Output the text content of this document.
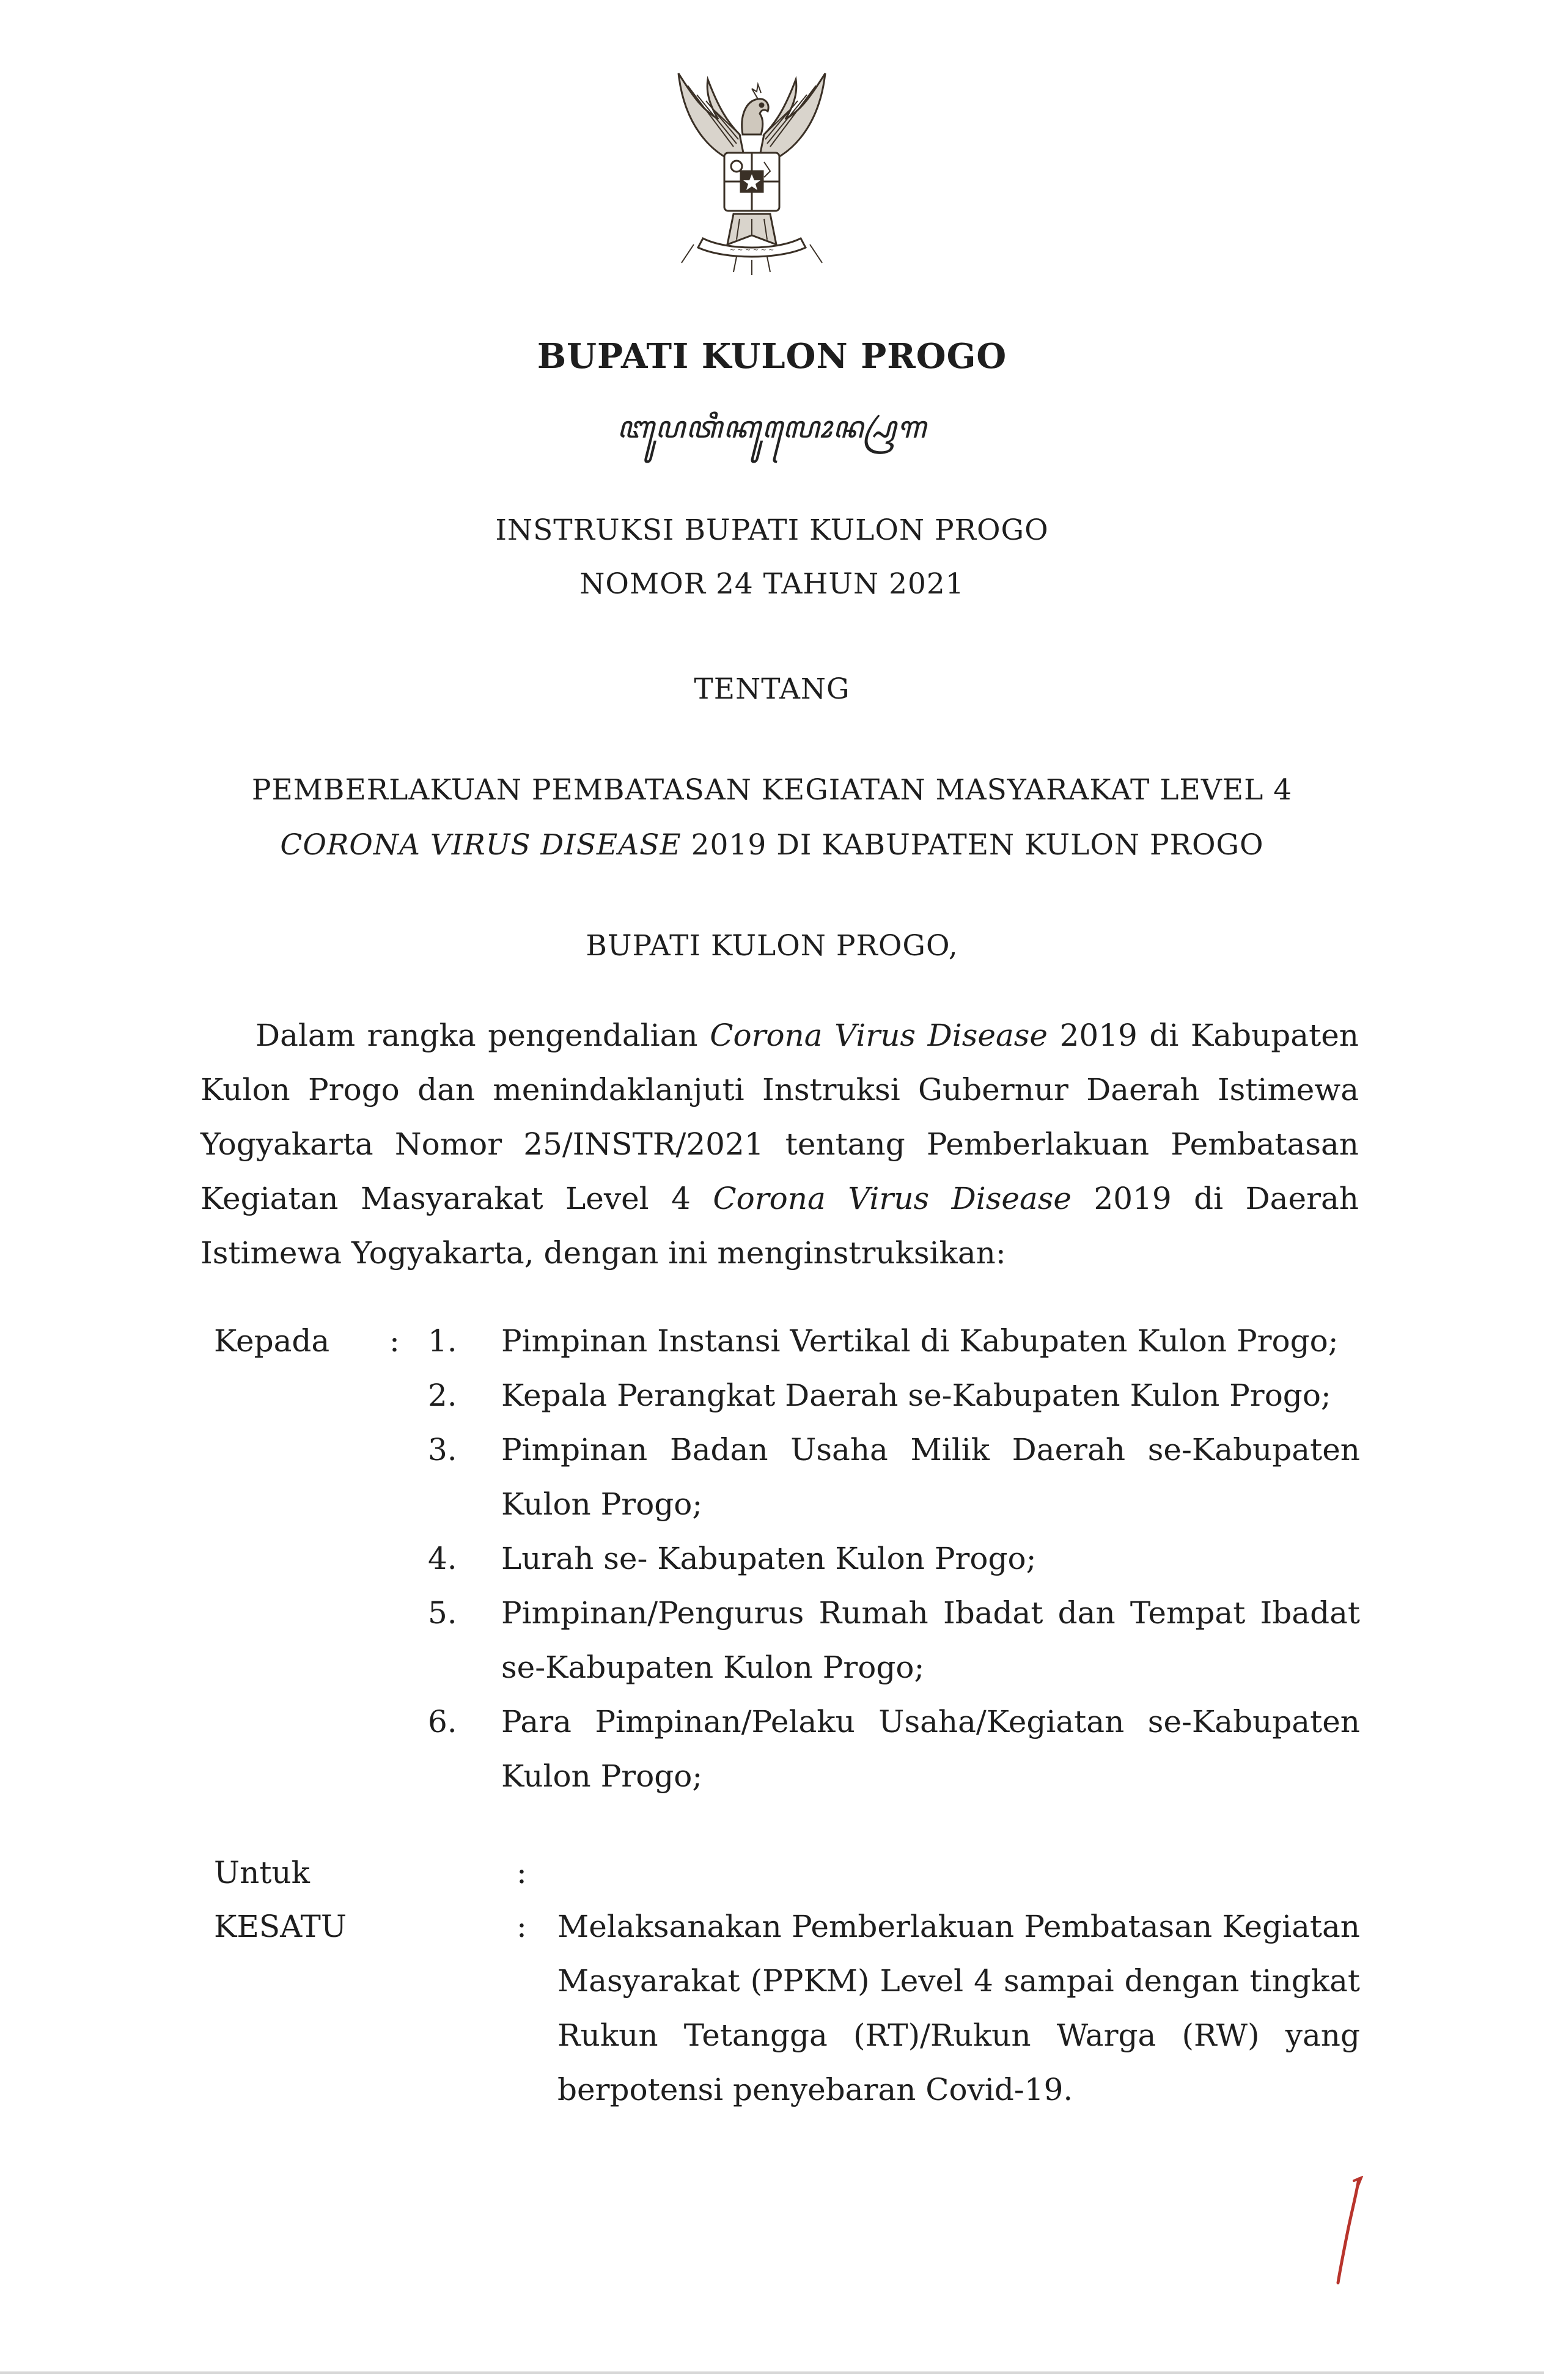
~ ~ ~ ~ ~ ~
BUPATI KULON PROGO
ꦧꦸꦥꦠꦶꦏꦸꦭꦺꦴꦤ꧀ꦥꦿꦒ
INSTRUKSI BUPATI KULON PROGO
NOMOR 24 TAHUN 2021
TENTANG
PEMBERLAKUAN PEMBATASAN KEGIATAN MASYARAKAT LEVEL 4
CORONA VIRUS DISEASE 2019 DI KABUPATEN KULON PROGO
BUPATI KULON PROGO,
Dalam rangka pengendalian Corona Virus Disease 2019 di Kabupaten Kulon Progo dan menindaklanjuti Instruksi Gubernur Daerah Istimewa Yogyakarta Nomor 25/INSTR/2021 tentang Pemberlakuan Pembatasan Kegiatan Masyarakat Level 4 Corona Virus Disease 2019 di Daerah Istimewa Yogyakarta, dengan ini menginstruksikan:
Kepada : 1. Pimpinan Instansi Vertikal di Kabupaten Kulon Progo;
2. Kepala Perangkat Daerah se-Kabupaten Kulon Progo;
3. Pimpinan Badan Usaha Milik Daerah se-Kabupaten Kulon Progo;
4. Lurah se- Kabupaten Kulon Progo;
5. Pimpinan/Pengurus Rumah Ibadat dan Tempat Ibadat se-Kabupaten Kulon Progo;
6. Para Pimpinan/Pelaku Usaha/Kegiatan se-Kabupaten Kulon Progo;
Untuk	:
KESATU	: Melaksanakan Pemberlakuan Pembatasan Kegiatan Masyarakat (PPKM) Level 4 sampai dengan tingkat Rukun Tetangga (RT)/Rukun Warga (RW) yang berpotensi penyebaran Covid-19.
